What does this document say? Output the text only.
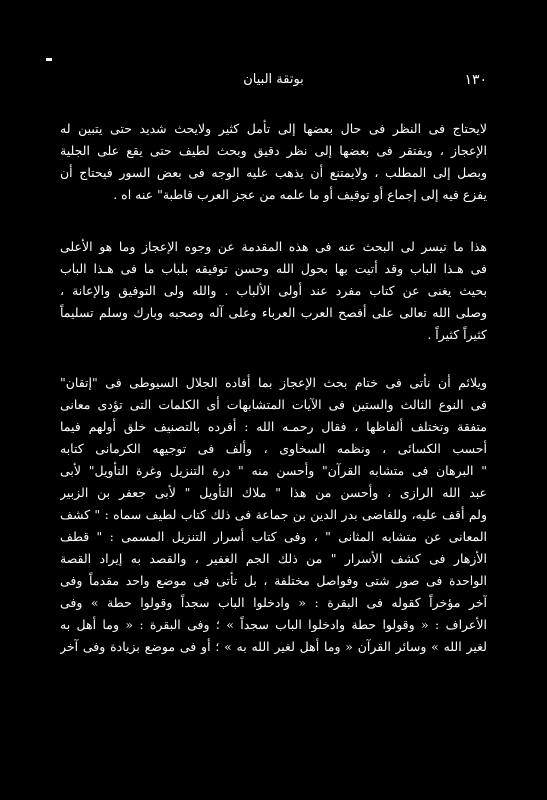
١٣٠
بوتقة البيان
لايحتاج فى النظر فى حال بعضها إلى تأمل كثير ولايحث شديد حتى يتبين له
الإعجاز ، ويفتقر فى بعضها إلى نظر دقيق وبحث لطيف حتى يقع على الجلية
وبصل إلى المطلب ، ولايمتنع أن يذهب عليه الوجه فى بعض السور فيحتاج أن
يفزع فيه إلى إجماع أو توقيف أو ما علمه من عجز العرب قاطبة" عنه اه .
هذا ما تيسر لى البحث عنه فى هذه المقدمة عن وجوه الإعجاز وما هو الأعلى
فى هـذا الباب وقد أتيت بها بحول الله وحسن توفيقه بلباب ما فى هـذا الباب
بحيث يغنى عن كتاب مفرد عند أولى الألباب . والله ولى التوفيق والإعانة ،
وصلى الله تعالى على أفصح العرب العرباء وعلى آله وصحبه وبارك وسلم تسليماً
كثيراً كثيراً .
ويلائم أن نأتى فى ختام بحث الإعجاز بما أفاده الجلال السيوطى فى "إتقان"
فى النوع الثالث والستين فى الآيات المتشابهات أى الكلمات التى تؤدى معانى
متفقة وتختلف ألفاظها ، فقال رحمـه الله : أفرده بالتصنيف خلق أولهم فيما
أحسب الكسائى ، ونظمه السخاوى ، وألف فى توجيهه الكرمانى كتابه
" البرهان فى متشابه القرآن" وأحسن منه " درة التنزيل وغرة التأويل" لأبى
عبد الله الرازى ، وأحسن من هذا " ملاك التأويل " لأبى جعفر بن الزبير
ولم أقف عليه، وللقاضى بدر الدين بن جماعة فى ذلك كتاب لطيف سماه : " كشف
المعانى عن متشابه المثانى " ، وفى كتاب أسرار التنزيل المسمى : " قطف
الأزهار فى كشف الأسرار " من ذلك الجم الغفير ، والقصد به إيراد القصة
الواحدة فى صور شتى وفواصل مختلفة ، بل تأتى فى موضع واحد مقدماً وفى
آخر مؤخراً كقوله فى البقرة : « وادخلوا الباب سجداً وقولوا حطة » وفى
الأعراف : « وقولوا حطة وادخلوا الباب سجداً » ؛ وفى البقرة : « وما أهل به
لغير الله » وسائر القرآن « وما أهل لغير الله به » ؛ أو فى موضع بزيادة وفى آخر
